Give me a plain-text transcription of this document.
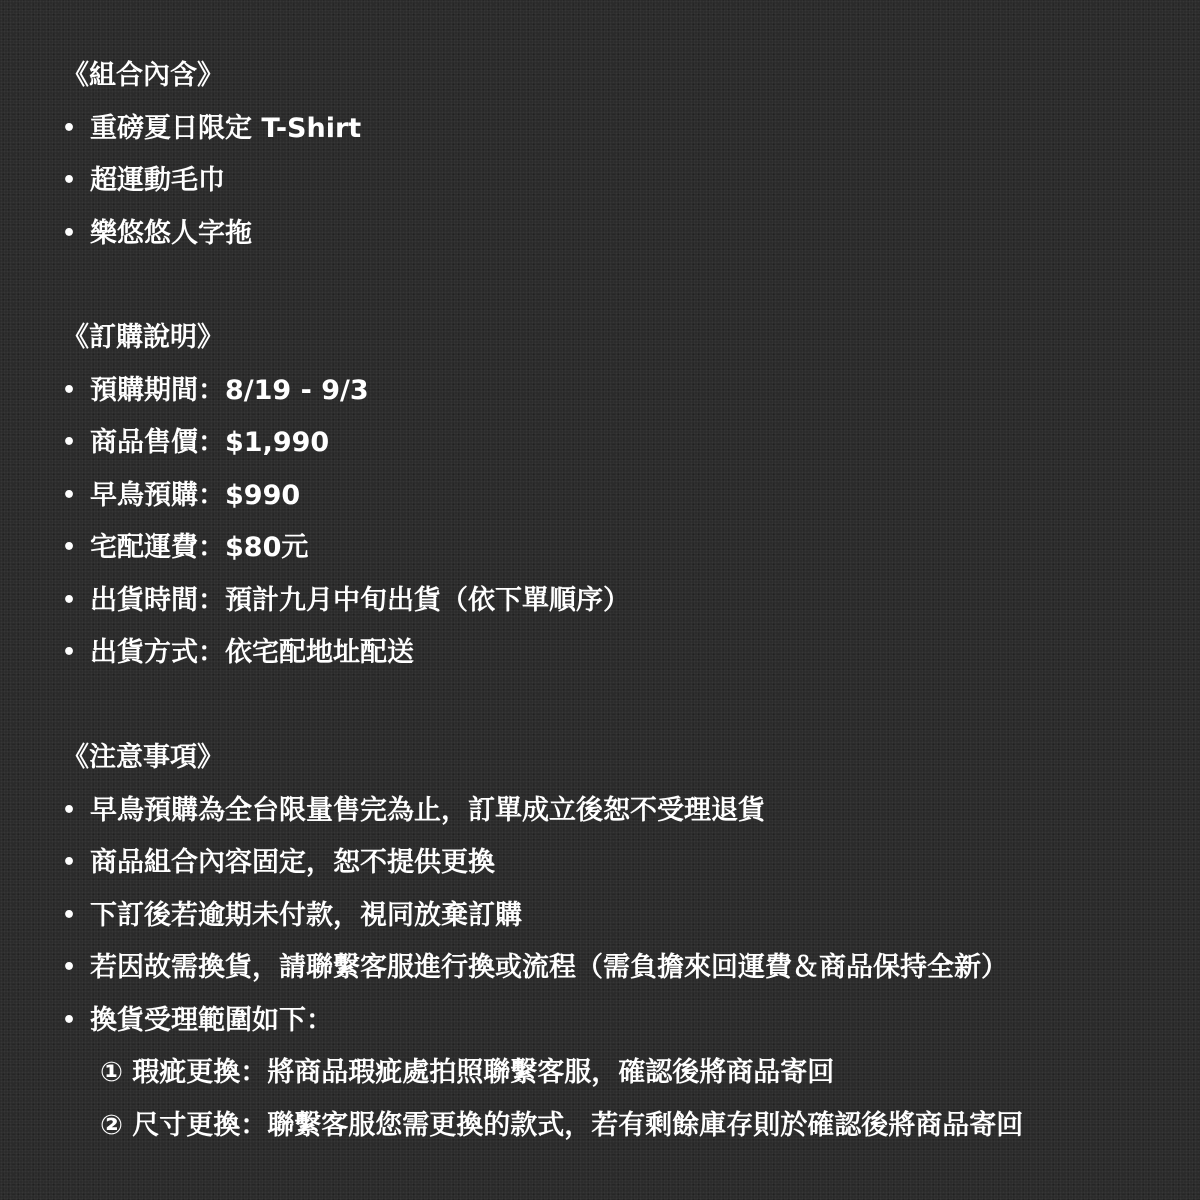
《組合內含》
• 重磅夏日限定 T-Shirt
• 超運動毛巾
• 樂悠悠人字拖
《訂購說明》
• 預購期間：8/19 - 9/3
• 商品售價：$1,990
• 早鳥預購：$990
• 宅配運費：$80元
• 出貨時間：預計九月中旬出貨（依下單順序）
• 出貨方式：依宅配地址配送
《注意事項》
• 早鳥預購為全台限量售完為止，訂單成立後恕不受理退貨
• 商品組合內容固定，恕不提供更換
• 下訂後若逾期未付款，視同放棄訂購
• 若因故需換貨，請聯繫客服進行換或流程（需負擔來回運費＆商品保持全新）
• 換貨受理範圍如下：
① 瑕疵更換：將商品瑕疵處拍照聯繫客服，確認後將商品寄回
② 尺寸更換：聯繫客服您需更換的款式，若有剩餘庫存則於確認後將商品寄回
